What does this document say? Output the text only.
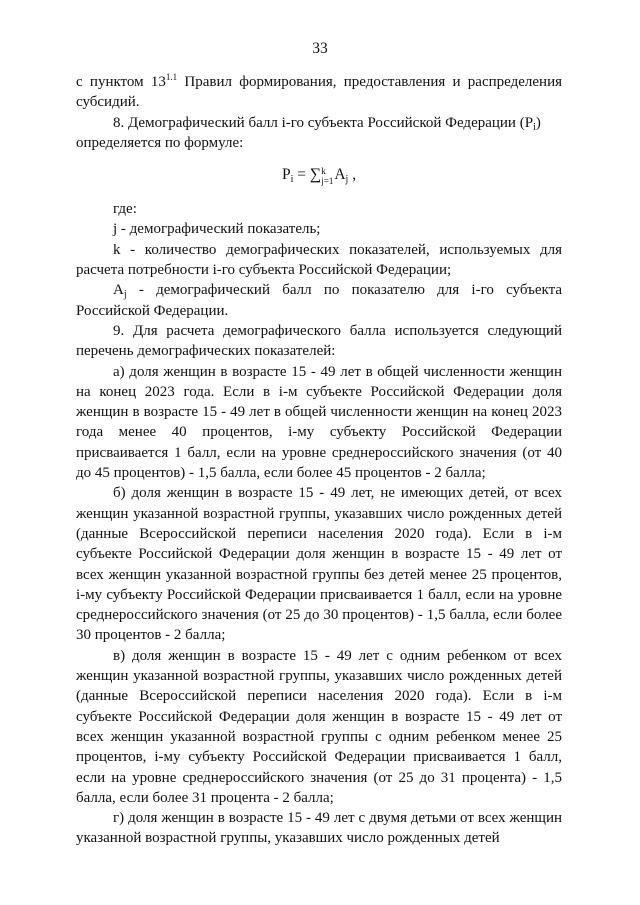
33

с пунктом $13^{1.1}$ Правил формирования, предоставления и распределения субсидий.

8. Демографический балл i-го субъекта Российской Федерации $(P_i)$

определяется по формуле:

$P_i$ = ∑ k
j=1 $A_j$ ,

где:

j - демографический показатель;

k - количество демографических показателей, используемых для расчета потребности i-го субъекта Российской Федерации;

$A_j$ - демографический балл по показателю для i-го субъекта Российской Федерации.

9. Для расчета демографического балла используется следующий перечень демографических показателей:

а) доля женщин в возрасте 15 - 49 лет в общей численности женщин на конец 2023 года. Если в i-м субъекте Российской Федерации доля женщин в возрасте 15 - 49 лет в общей численности женщин на конец 2023 года менее 40 процентов, i-му субъекту Российской Федерации присваивается 1 балл, если на уровне среднероссийского значения (от 40 до 45 процентов) - 1,5 балла, если более 45 процентов - 2 балла;

б) доля женщин в возрасте 15 - 49 лет, не имеющих детей, от всех женщин указанной возрастной группы, указавших число рожденных детей (данные Всероссийской переписи населения 2020 года). Если в i-м субъекте Российской Федерации доля женщин в возрасте 15 - 49 лет от всех женщин указанной возрастной группы без детей менее 25 процентов, i-му субъекту Российской Федерации присваивается 1 балл, если на уровне среднероссийского значения (от 25 до 30 процентов) - 1,5 балла, если более 30 процентов - 2 балла;

в) доля женщин в возрасте 15 - 49 лет с одним ребенком от всех женщин указанной возрастной группы, указавших число рожденных детей (данные Всероссийской переписи населения 2020 года). Если в i-м субъекте Российской Федерации доля женщин в возрасте 15 - 49 лет от всех женщин указанной возрастной группы с одним ребенком менее 25 процентов, i-му субъекту Российской Федерации присваивается 1 балл, если на уровне среднероссийского значения (от 25 до 31 процента) - 1,5 балла, если более 31 процента - 2 балла;

г) доля женщин в возрасте 15 - 49 лет с двумя детьми от всех женщин указанной возрастной группы, указавших число рожденных детей
